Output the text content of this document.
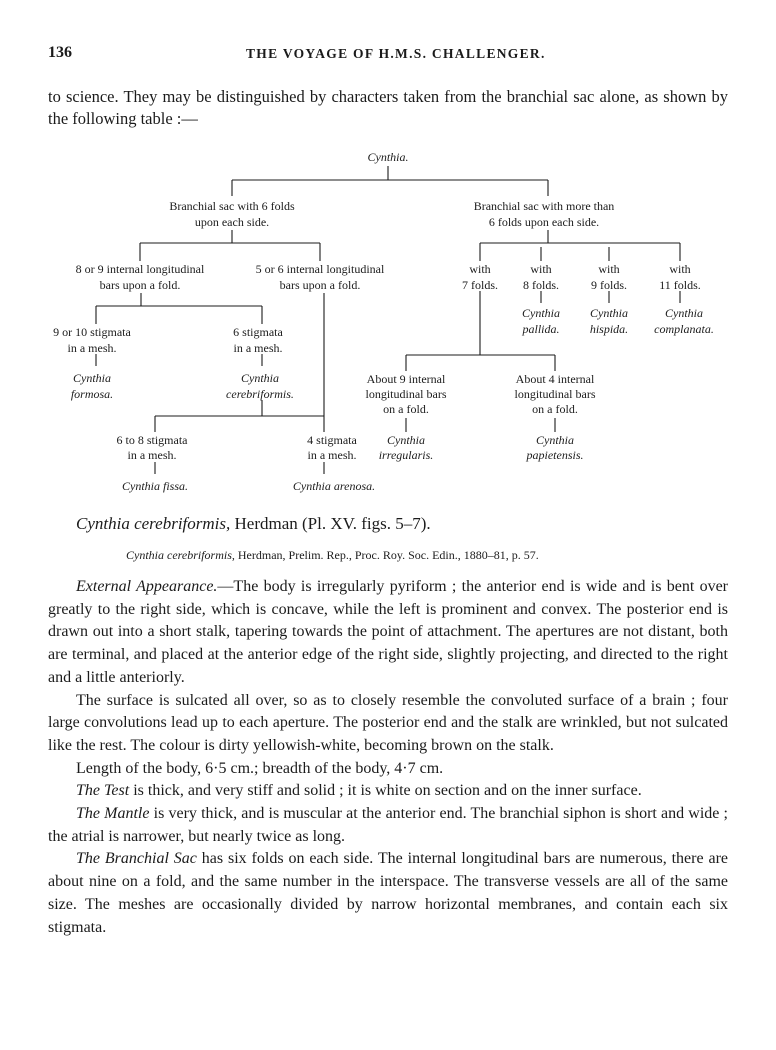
136	THE VOYAGE OF H.M.S. CHALLENGER.
to science. They may be distinguished by characters taken from the branchial sac alone, as shown by the following table :—
Cynthia.
Branchial sac with 6 folds
upon each side.
Branchial sac with more than
6 folds upon each side.
8 or 9 internal longitudinal
bars upon a fold.
5 or 6 internal longitudinal
bars upon a fold.
with
7 folds.
with
8 folds.
with
9 folds.
with
11 folds.
Cynthia
pallida.
Cynthia
hispida.
Cynthia
complanata.
9 or 10 stigmata
in a mesh.
6 stigmata
in a mesh.
Cynthia
formosa.
Cynthia
cerebriformis.
About 9 internal
longitudinal bars
on a fold.
About 4 internal
longitudinal bars
on a fold.
6 to 8 stigmata
in a mesh.
4 stigmata
in a mesh.
Cynthia
irregularis.
Cynthia
papietensis.
Cynthia fissa.	Cynthia arenosa.
Cynthia cerebriformis, Herdman (Pl. XV. figs. 5–7).
Cynthia cerebriformis, Herdman, Prelim. Rep., Proc. Roy. Soc. Edin., 1880–81, p. 57.

External Appearance.—The body is irregularly pyriform ; the anterior end is wide and is bent over greatly to the right side, which is concave, while the left is prominent and convex. The posterior end is drawn out into a short stalk, tapering towards the point of attachment. The apertures are not distant, both are terminal, and placed at the anterior edge of the right side, slightly projecting, and directed to the right and a little anteriorly.

The surface is sulcated all over, so as to closely resemble the convoluted surface of a brain ; four large convolutions lead up to each aperture. The posterior end and the stalk are wrinkled, but not sulcated like the rest. The colour is dirty yellowish-white, becoming brown on the stalk.

Length of the body, 6·5 cm.; breadth of the body, 4·7 cm.

The Test is thick, and very stiff and solid ; it is white on section and on the inner surface.

The Mantle is very thick, and is muscular at the anterior end. The branchial siphon is short and wide ; the atrial is narrower, but nearly twice as long.

The Branchial Sac has six folds on each side. The internal longitudinal bars are numerous, there are about nine on a fold, and the same number in the interspace. The transverse vessels are all of the same size. The meshes are occasionally divided by narrow horizontal membranes, and contain each six stigmata.
